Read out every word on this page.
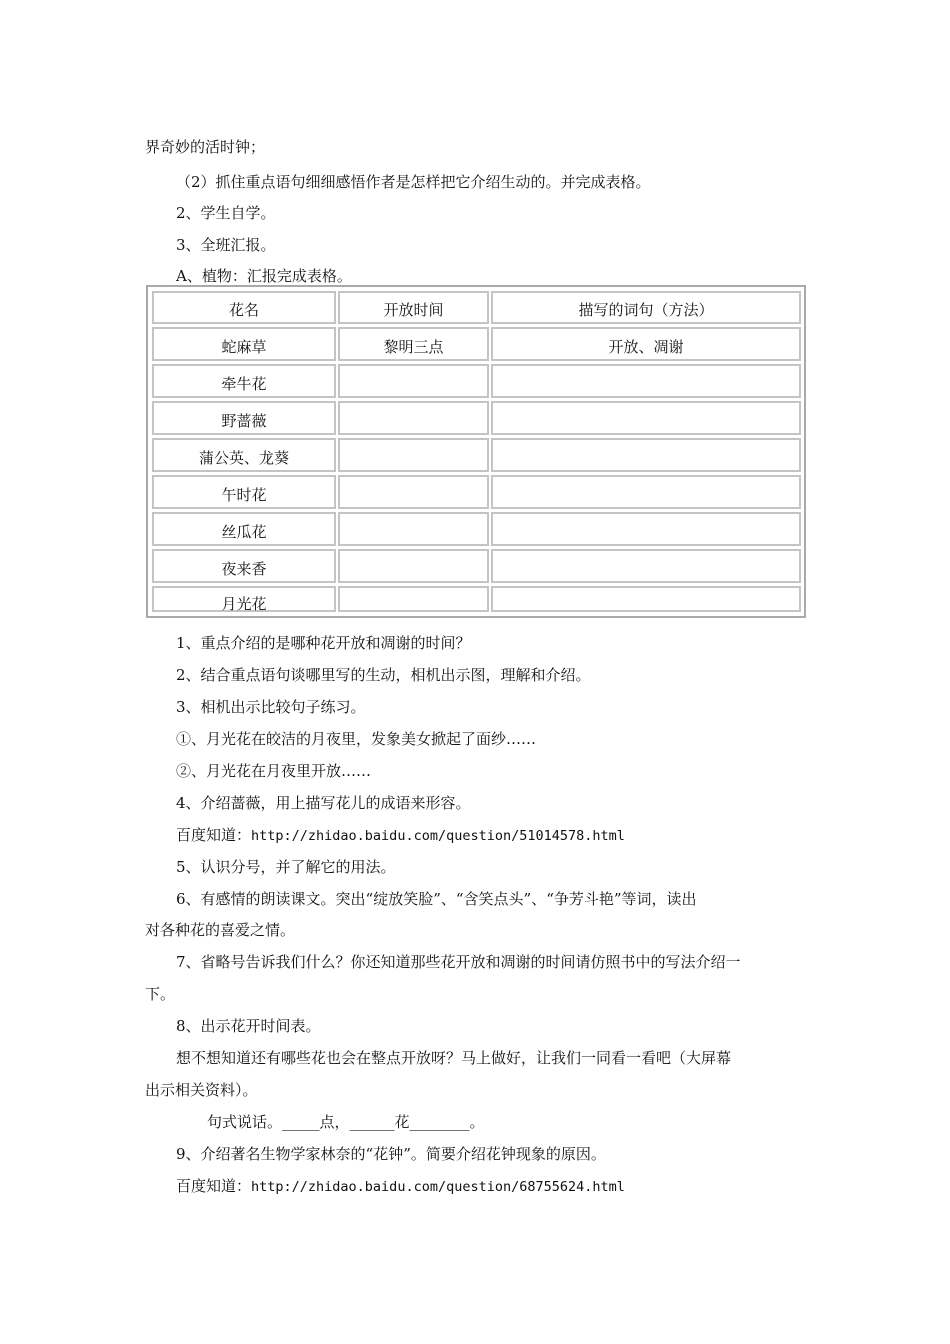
界奇妙的活时钟；
（2）抓住重点语句细细感悟作者是怎样把它介绍生动的。并完成表格。
2、学生自学。
3、全班汇报。
A、植物：汇报完成表格。
花名	开放时间	描写的词句（方法）
蛇麻草	黎明三点	开放、凋谢
牵牛花
野蔷薇
蒲公英、龙葵
午时花
丝瓜花
夜来香
月光花
1、重点介绍的是哪种花开放和凋谢的时间？
2、结合重点语句谈哪里写的生动，相机出示图，理解和介绍。
3、相机出示比较句子练习。
①、月光花在皎洁的月夜里，发象美女掀起了面纱……
②、月光花在月夜里开放……
4、介绍蔷薇，用上描写花儿的成语来形容。
百度知道：http://zhidao.baidu.com/question/51014578.html
5、认识分号，并了解它的用法。
6、有感情的朗读课文。突出“绽放笑脸”、“含笑点头”、“争芳斗艳”等词，读出
对各种花的喜爱之情。
7、省略号告诉我们什么？你还知道那些花开放和凋谢的时间请仿照书中的写法介绍一
下。
8、出示花开时间表。
想不想知道还有哪些花也会在整点开放呀？马上做好，让我们一同看一看吧（大屏幕
出示相关资料）。
句式说话。_____点，______花________。
9、介绍著名生物学家林奈的“花钟”。简要介绍花钟现象的原因。
百度知道：http://zhidao.baidu.com/question/68755624.html
